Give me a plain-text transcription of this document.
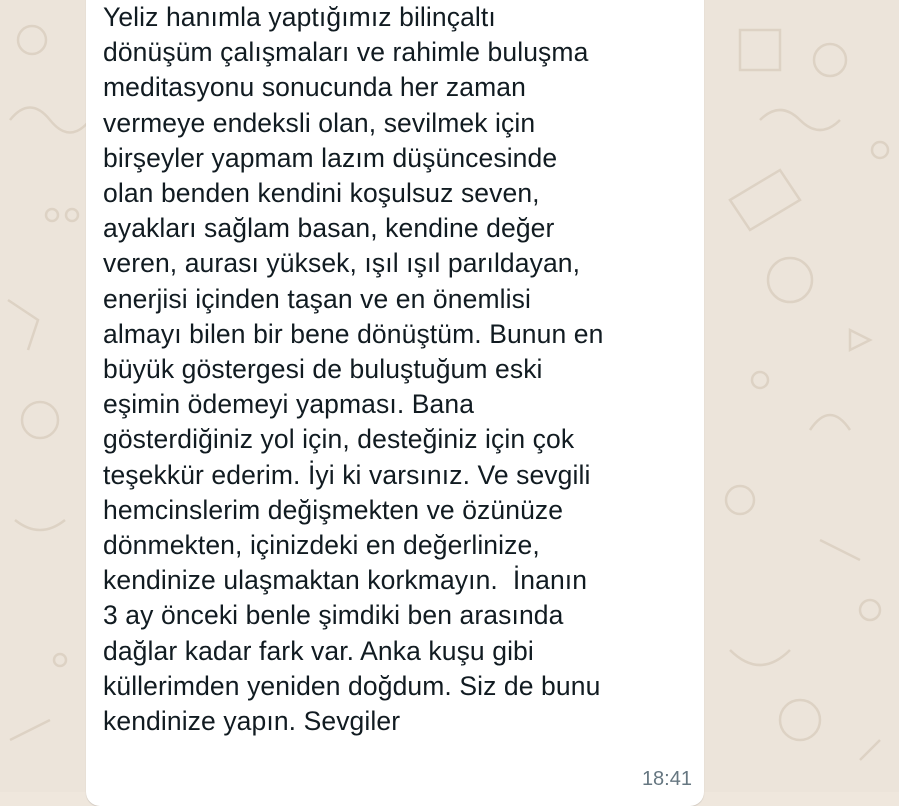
Yeliz hanımla yaptığımız bilinçaltı
dönüşüm çalışmaları ve rahimle buluşma
meditasyonu sonucunda her zaman
vermeye endeksli olan, sevilmek için
birşeyler yapmam lazım düşüncesinde
olan benden kendini koşulsuz seven,
ayakları sağlam basan, kendine değer
veren, aurası yüksek, ışıl ışıl parıldayan,
enerjisi içinden taşan ve en önemlisi
almayı bilen bir bene dönüştüm. Bunun en
büyük göstergesi de buluştuğum eski
eşimin ödemeyi yapması. Bana
gösterdiğiniz yol için, desteğiniz için çok
teşekkür ederim. İyi ki varsınız. Ve sevgili
hemcinslerim değişmekten ve özünüze
dönmekten, içinizdeki en değerlinize,
kendinize ulaşmaktan korkmayın.  İnanın
3 ay önceki benle şimdiki ben arasında
dağlar kadar fark var. Anka kuşu gibi
küllerimden yeniden doğdum. Siz de bunu
kendinize yapın. Sevgiler
18:41
